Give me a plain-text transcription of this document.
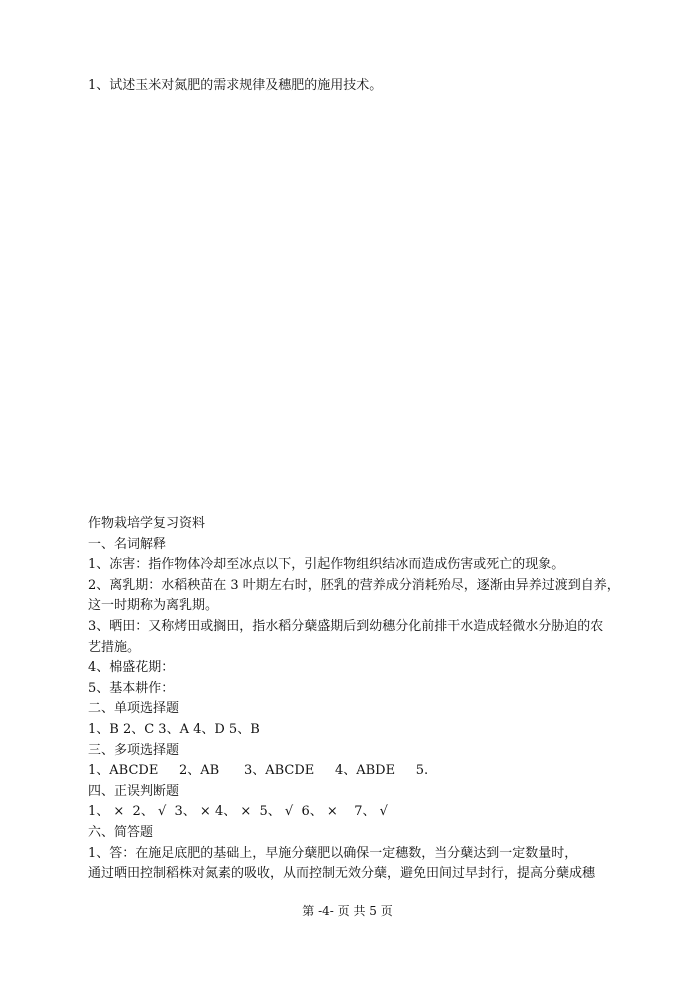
1、试述玉米对氮肥的需求规律及穗肥的施用技术。
作物栽培学复习资料
一、名词解释
1、冻害：指作物体冷却至冰点以下，引起作物组织结冰而造成伤害或死亡的现象。
2、离乳期：水稻秧苗在 3 叶期左右时，胚乳的营养成分消耗殆尽，逐渐由异养过渡到自养，
这一时期称为离乳期。
3、晒田：又称烤田或搁田，指水稻分蘖盛期后到幼穗分化前排干水造成轻微水分胁迫的农
艺措施。
4、棉盛花期：
5、基本耕作：
二、单项选择题
1、B 2、C 3、A 4、D 5、B
三、多项选择题
1、ABCDE     2、AB      3、ABCDE     4、ABDE     5.
四、正误判断题
1、 ×  2、 √  3、 × 4、 ×  5、 √  6、 ×    7、 √
六、简答题
1、答：在施足底肥的基础上，早施分蘖肥以确保一定穗数，当分蘖达到一定数量时，
通过晒田控制稻株对氮素的吸收，从而控制无效分蘖，避免田间过早封行，提高分蘖成穗
第 -4- 页 共 5 页
